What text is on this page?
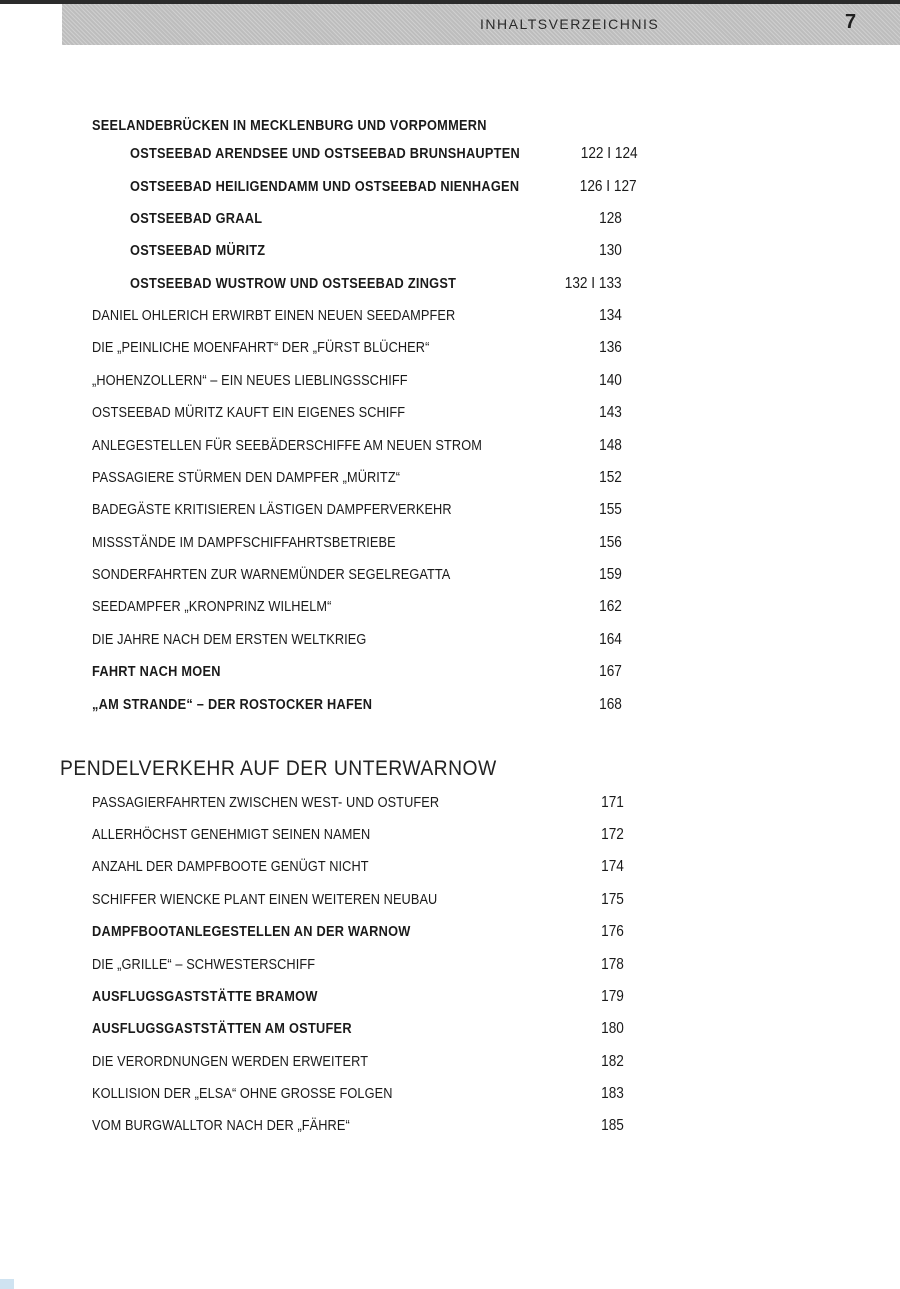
INHALTSVERZEICHNIS	7
SEELANDEBRÜCKEN IN MECKLENBURG UND VORPOMMERN
OSTSEEBAD ARENDSEE UND OSTSEEBAD BRUNSHAUPTEN	122 I 124
OSTSEEBAD HEILIGENDAMM UND OSTSEEBAD NIENHAGEN	126 I 127
OSTSEEBAD GRAAL	128
OSTSEEBAD MÜRITZ	130
OSTSEEBAD WUSTROW UND OSTSEEBAD ZINGST	132 I 133
DANIEL OHLERICH ERWIRBT EINEN NEUEN SEEDAMPFER	134
DIE „PEINLICHE MOENFAHRT“ DER „FÜRST BLÜCHER“	136
„HOHENZOLLERN“ – EIN NEUES LIEBLINGSSCHIFF	140
OSTSEEBAD MÜRITZ KAUFT EIN EIGENES SCHIFF	143
ANLEGESTELLEN FÜR SEEBÄDERSCHIFFE AM NEUEN STROM	148
PASSAGIERE STÜRMEN DEN DAMPFER „MÜRITZ“	152
BADEGÄSTE KRITISIEREN LÄSTIGEN DAMPFERVERKEHR	155
MISSSTÄNDE IM DAMPFSCHIFFAHRTSBETRIEBE	156
SONDERFAHRTEN ZUR WARNEMÜNDER SEGELREGATTA	159
SEEDAMPFER „KRONPRINZ WILHELM“	162
DIE JAHRE NACH DEM ERSTEN WELTKRIEG	164
FAHRT NACH MOEN	167
„AM STRANDE“ – DER ROSTOCKER HAFEN	168
PENDELVERKEHR AUF DER UNTERWARNOW
PASSAGIERFAHRTEN ZWISCHEN WEST- UND OSTUFER	171
ALLERHÖCHST GENEHMIGT SEINEN NAMEN	172
ANZAHL DER DAMPFBOOTE GENÜGT NICHT	174
SCHIFFER WIENCKE PLANT EINEN WEITEREN NEUBAU	175
DAMPFBOOTANLEGESTELLEN AN DER WARNOW	176
DIE „GRILLE“ – SCHWESTERSCHIFF	178
AUSFLUGSGASTSTÄTTE BRAMOW	179
AUSFLUGSGASTSTÄTTEN AM OSTUFER	180
DIE VERORDNUNGEN WERDEN ERWEITERT	182
KOLLISION DER „ELSA“ OHNE GROSSE FOLGEN	183
VOM BURGWALLTOR NACH DER „FÄHRE“	185
